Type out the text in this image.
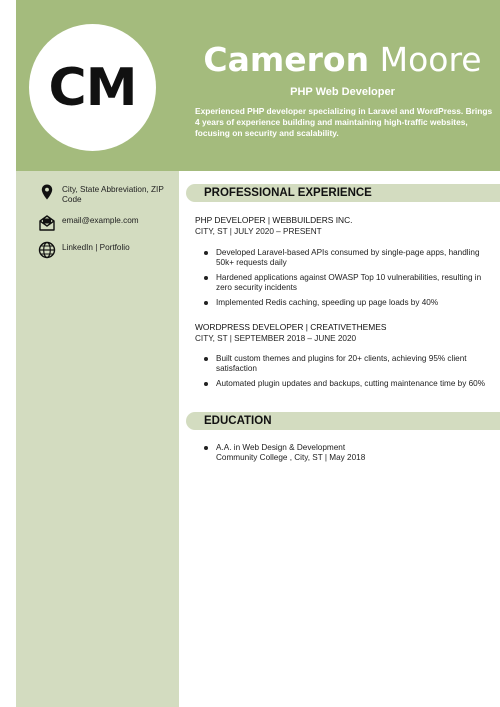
CM Cameron Moore
PHP Web Developer
Experienced PHP developer specializing in Laravel and WordPress. Brings 4 years of experience building and maintaining high-traffic websites, focusing on security and scalability.
City, State Abbreviation, ZIP Code
email@example.com
LinkedIn | Portfolio
PROFESSIONAL EXPERIENCE
PHP DEVELOPER | WEBBUILDERS INC.
CITY, ST | JULY 2020 – PRESENT
Developed Laravel-based APIs consumed by single-page apps, handling 50k+ requests daily
Hardened applications against OWASP Top 10 vulnerabilities, resulting in zero security incidents
Implemented Redis caching, speeding up page loads by 40%
WORDPRESS DEVELOPER | CREATIVETHEMES
CITY, ST | SEPTEMBER 2018 – JUNE 2020
Built custom themes and plugins for 20+ clients, achieving 95% client satisfaction
Automated plugin updates and backups, cutting maintenance time by 60%
EDUCATION
A.A. in Web Design & Development
Community College , City, ST | May 2018
